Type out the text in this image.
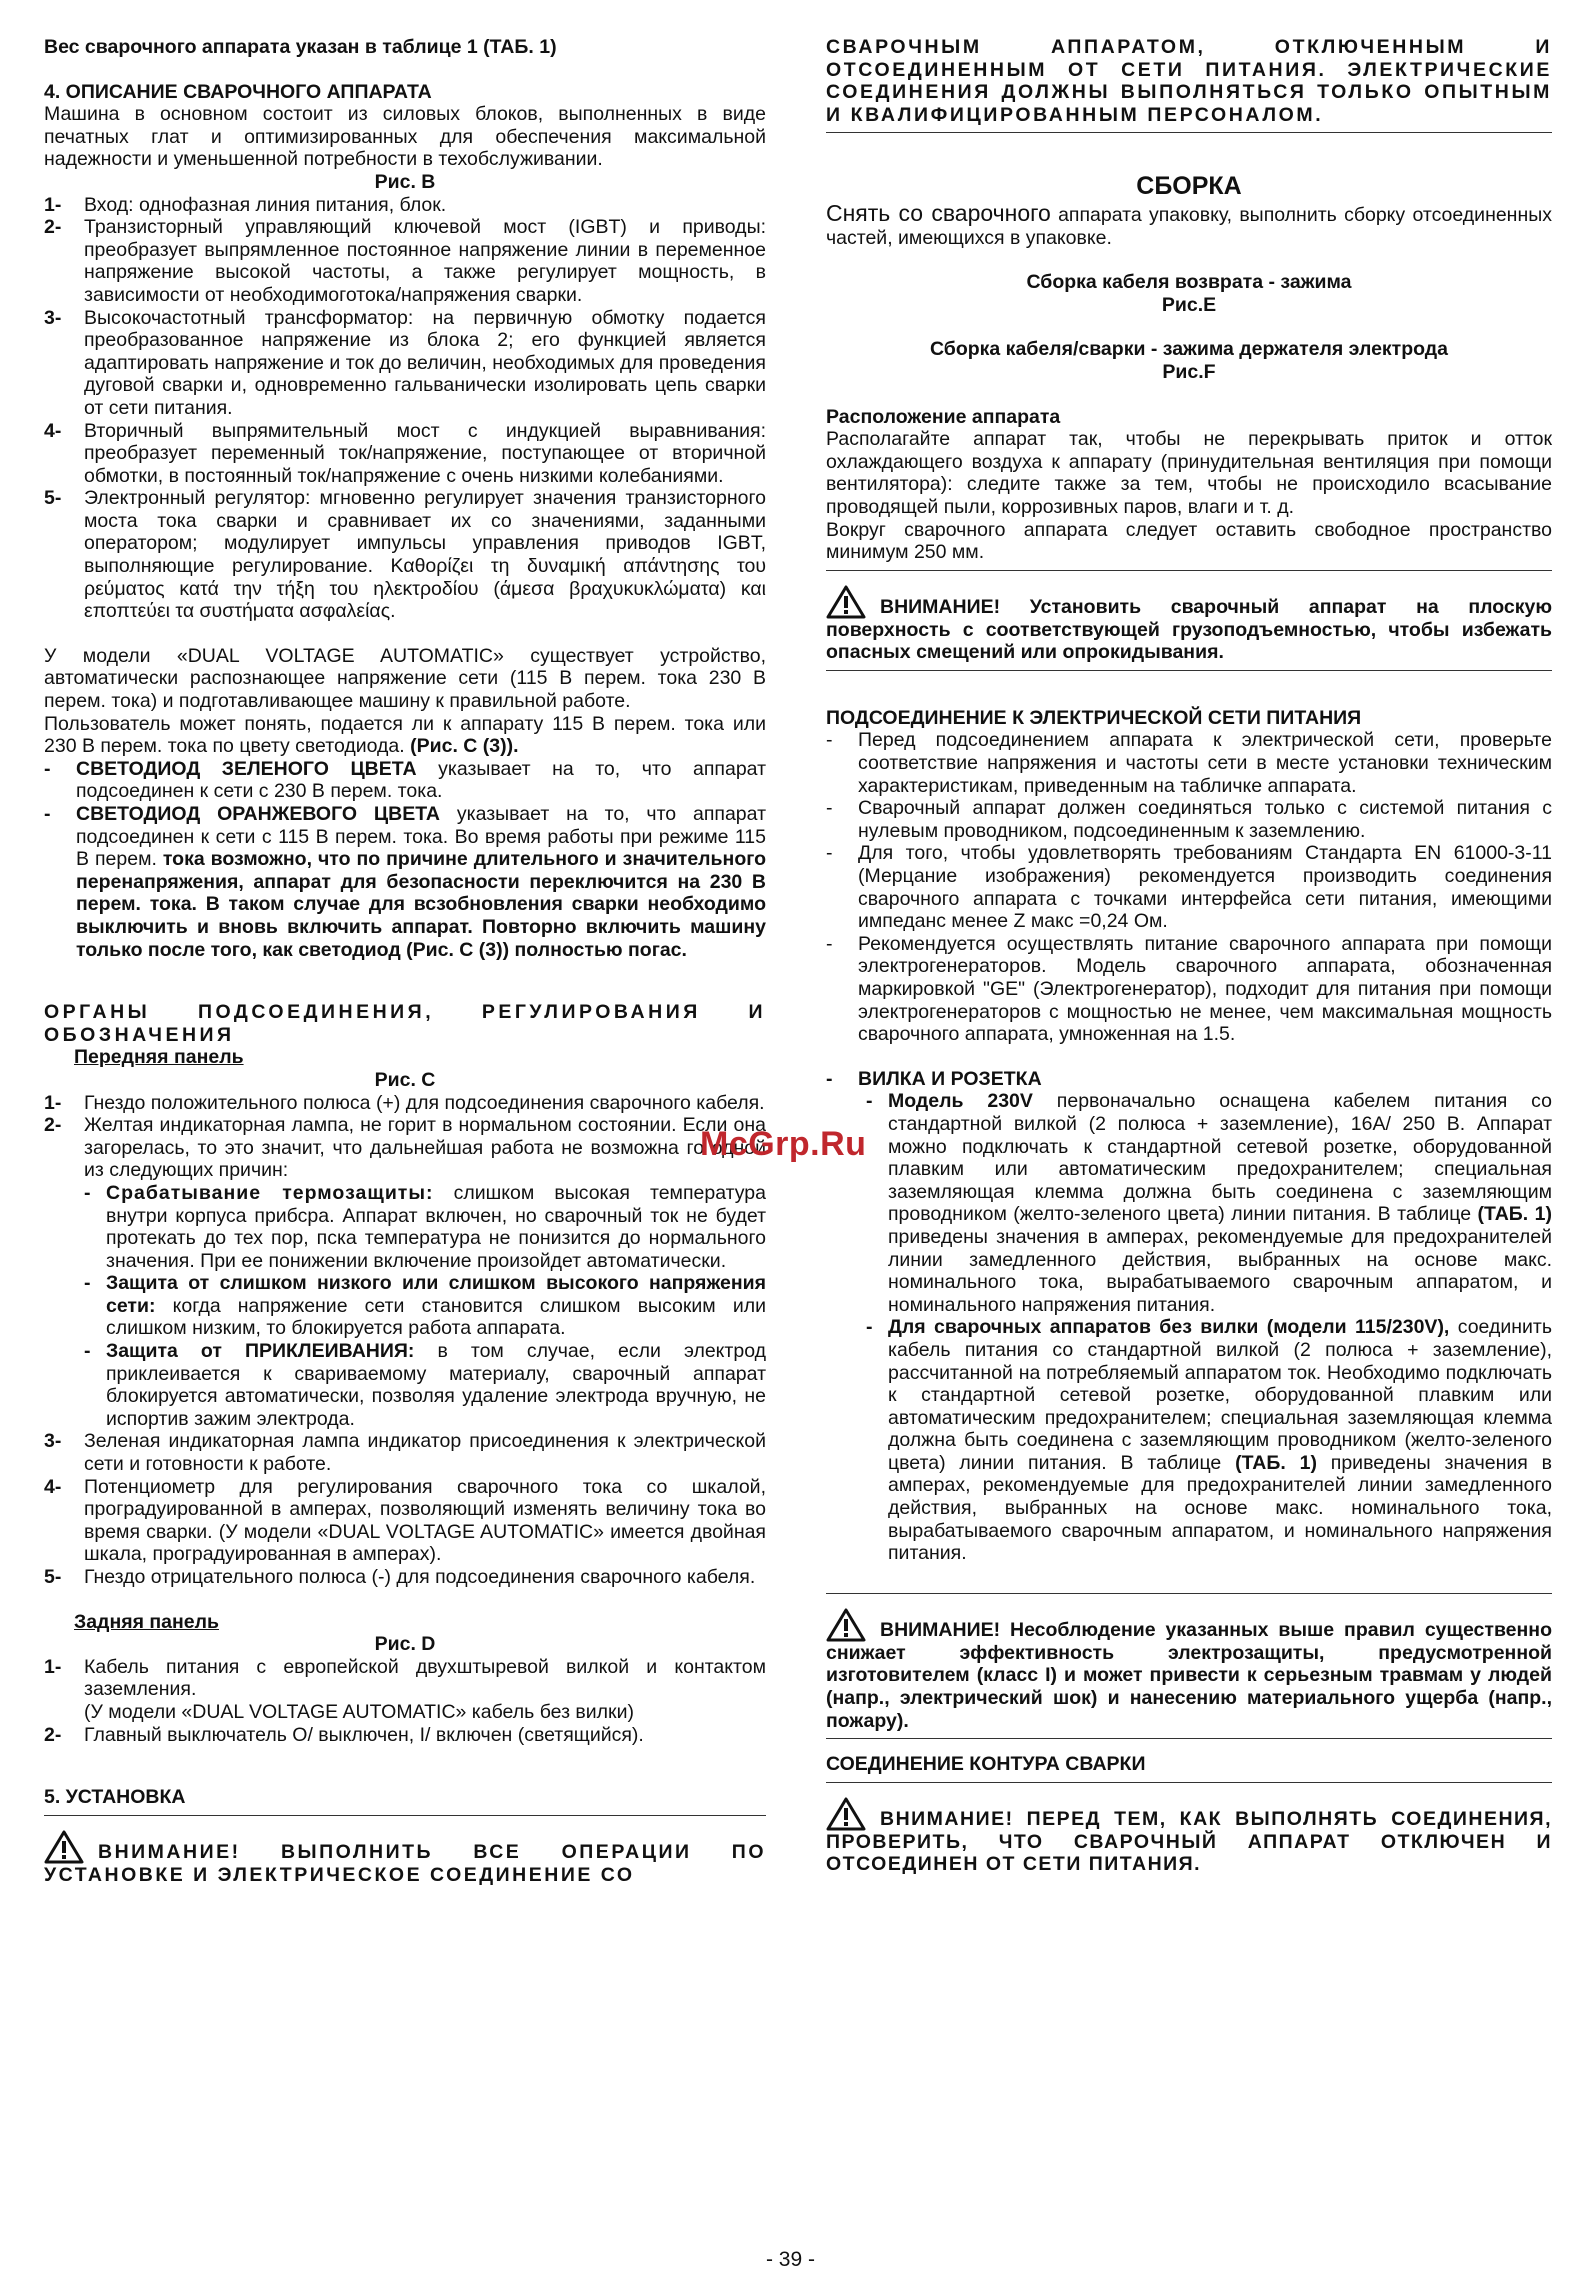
Вес сварочного аппарата указан в таблице 1 (ТАБ. 1)

4. ОПИСАНИЕ СВАРОЧНОГО АППАРАТА

Машина в основном состоит из силовых блоков, выполненных в виде печатных глат и оптимизированных для обеспечения максимальной надежности и уменьшенной потребности в техобслуживании.

Рис. B

1-	Вход: однофазная линия питания, блок.
2-	Транзисторный управляющий ключевой мост (IGBT) и приводы: преобразует выпрямленное постоянное напряжение линии в переменное напряжение высокой частоты, а также регулирует мощность, в зависимости от необходимоготока/напряжения сварки.
3-	Высокочастотный трансформатор: на первичную обмотку подается преобразованное напряжение из блока 2; его функцией является адаптировать напряжение и ток до величин, необходимых для проведения дуговой сварки и, одновременно гальванически изолировать цепь сварки от сети питания.
4-	Вторичный выпрямительный мост с индукцией выравнивания: преобразует переменный ток/напряжение, поступающее от вторичной обмотки, в постоянный ток/напряжение с очень низкими колебаниями.
5-	Электронный регулятор: мгновенно регулирует значения транзисторного моста тока сварки и сравнивает их со значениями, заданными оператором; модулирует импульсы управления приводов IGBT, выполняющие регулирование. Καθορίζει τη δυναμική απάντησης του ρεύματος κατά την τήξη του ηλεκτροδίου (άμεσα βραχυκυκλώματα) και εποπτεύει τα συστήματα ασφαλείας.

У модели «DUAL VOLTAGE AUTOMATIC» существует устройство, автоматически распознающее напряжение сети (115 В перем. тока 230 В перем. тока) и подготавливающее машину к правильной работе.

Пользователь может понять, подается ли к аппарату 115 В перем. тока или 230 В перем. тока по цвету светодиода. (Рис. C (3)).

-	СВЕТОДИОД ЗЕЛЕНОГО ЦВЕТА указывает на то, что аппарат подсоединен к сети с 230 В перем. тока.
-	СВЕТОДИОД ОРАНЖЕВОГО ЦВЕТА указывает на то, что аппарат подсоединен к сети с 115 В перем. тока. Во время работы при режиме 115 В перем. тока возможно, что по причине длительного и значительного перенапряжения, аппарат для безопасности переключится на 230 В перем. тока. В таком случае для всзобновления сварки необходимо выключить и вновь включить аппарат. Повторно включить машину только после того, как светодиод (Рис. C (3)) полностью погас.

ОРГАНЫ ПОДСОЕДИНЕНИЯ, РЕГУЛИРОВАНИЯ И ОБОЗНАЧЕНИЯ

Передняя панель

Рис. C

1-	Гнездо положительного полюса (+) для подсоединения сварочного кабеля.
2-	Желтая индикаторная лампа, не горит в нормальном состоянии. Если она загорелась, то это значит, что дальнейшая работа не возможна го одной из следующих причин:
- Срабатывание термозащиты: слишком высокая температура внутри корпуса прибсра. Аппарат включен, но сварочный ток не будет протекать до тех пор, пска температура не понизится до нормального значения. При ее понижении включение произойдет автоматически.
- Защита от слишком низкого или слишком высокого напряжения сети: когда напряжение сети становится слишком высоким или слишком низким, то блокируется работа аппарата.
- Защита от ПРИКЛЕИВАНИЯ: в том случае, если электрод приклеивается к свариваемому материалу, сварочный аппарат блокируется автоматически, позволяя удаление электрода вручную, не испортив зажим электрода.
3-	Зеленая индикаторная лампа индикатор присоединения к электрической сети и готовности к работе.
4-	Потенциометр для регулирования сварочного тока со шкалой, проградуированной в амперах, позволяющий изменять величину тока во время сварки. (У модели «DUAL VOLTAGE AUTOMATIC» имеется двойная шкала, проградуированная в амперах).
5-	Гнездо отрицательного полюса (-) для подсоединения сварочного кабеля.

Задняя панель

Рис. D

1-	Кабель питания с европейской двухштыревой вилкой и контактом заземления.
(У модели «DUAL VOLTAGE AUTOMATIC» кабель без вилки)
2-	Главный выключатель O/ выключен, I/ включен (светящийся).

5. УСТАНОВКА

ВНИМАНИЕ! ВЫПОЛНИТЬ ВСЕ ОПЕРАЦИИ ПО УСТАНОВКЕ И ЭЛЕКТРИЧЕСКОЕ СОЕДИНЕНИЕ СО

СВАРОЧНЫМ АППАРАТОМ, ОТКЛЮЧЕННЫМ И ОТСОЕДИНЕННЫМ ОТ СЕТИ ПИТАНИЯ. ЭЛЕКТРИЧЕСКИЕ СОЕДИНЕНИЯ ДОЛЖНЫ ВЫПОЛНЯТЬСЯ ТОЛЬКО ОПЫТНЫМ И КВАЛИФИЦИРОВАННЫМ ПЕРСОНАЛОМ.

СБОРКА

Снять со сварочного аппарата упаковку, выполнить сборку отсоединенных частей, имеющихся в упаковке.

Сборка кабеля возврата - зажима

Рис.E

Сборка кабеля/сварки - зажима держателя электрода

Рис.F

Расположение аппарата

Располагайте аппарат так, чтобы не перекрывать приток и отток охлаждающего воздуха к аппарату (принудительная вентиляция при помощи вентилятора): следите также за тем, чтобы не происходило всасывание проводящей пыли, коррозивных паров, влаги и т. д.

Вокруг сварочного аппарата следует оставить свободное пространство минимум 250 мм.

ВНИМАНИЕ! Установить сварочный аппарат на плоскую поверхность с соответствующей грузоподъемностью, чтобы избежать опасных смещений или опрокидывания.

ПОДСОЕДИНЕНИЕ К ЭЛЕКТРИЧЕСКОЙ СЕТИ ПИТАНИЯ

-	Перед подсоединением аппарата к электрической сети, проверьте соответствие напряжения и частоты сети в месте установки техническим характеристикам, приведенным на табличке аппарата.
-	Сварочный аппарат должен соединяться только с системой питания с нулевым проводником, подсоединенным к заземлению.
-	Для того, чтобы удовлетворять требованиям Стандарта EN 61000-3-11 (Мерцание изображения) рекомендуется производить соединения сварочного аппарата с точками интерфейса сети питания, имеющими импеданс менее Z макс =0,24 Ом.
-	Рекомендуется осуществлять питание сварочного аппарата при помощи электрогенераторов. Модель сварочного аппарата, обозначенная маркировкой "GE" (Электрогенератор), подходит для питания при помощи электрогенераторов с мощностью не менее, чем максимальная мощность сварочного аппарата, умноженная на 1.5.
-	ВИЛКА И РОЗЕТКА
- Модель 230V первоначально оснащена кабелем питания со стандартной вилкой (2 полюса + заземление), 16A/ 250 В. Аппарат можно подключать к стандартной сетевой розетке, оборудованной плавким или автоматическим предохранителем; специальная заземляющая клемма должна быть соединена с заземляющим проводником (желто-зеленого цвета) линии питания. В таблице (ТАБ. 1) приведены значения в амперах, рекомендуемые для предохранителей линии замедленного действия, выбранных на основе макс. номинального тока, вырабатываемого сварочным аппаратом, и номинального напряжения питания.
- Для сварочных аппаратов без вилки (модели 115/230V), соединить кабель питания со стандартной вилкой (2 полюса + заземление), рассчитанной на потребляемый аппаратом ток. Необходимо подключать к стандартной сетевой розетке, оборудованной плавким или автоматическим предохранителем; специальная заземляющая клемма должна быть соединена с заземляющим проводником (желто-зеленого цвета) линии питания. В таблице (ТАБ. 1) приведены значения в амперах, рекомендуемые для предохранителей линии замедленного действия, выбранных на основе макс. номинального тока, вырабатываемого сварочным аппаратом, и номинального напряжения питания.

ВНИМАНИЕ! Несоблюдение указанных выше правил существенно снижает эффективность электрозащиты, предусмотренной изготовителем (класс I) и может привести к серьезным травмам у людей (напр., электрический шок) и нанесению материального ущерба (напр., пожару).

СОЕДИНЕНИЕ КОНТУРА СВАРКИ

ВНИМАНИЕ! ПЕРЕД ТЕМ, КАК ВЫПОЛНЯТЬ СОЕДИНЕНИЯ, ПРОВЕРИТЬ, ЧТО СВАРОЧНЫЙ АППАРАТ ОТКЛЮЧЕН И ОТСОЕДИНЕН ОТ СЕТИ ПИТАНИЯ.

McGrp.Ru
- 39 -
